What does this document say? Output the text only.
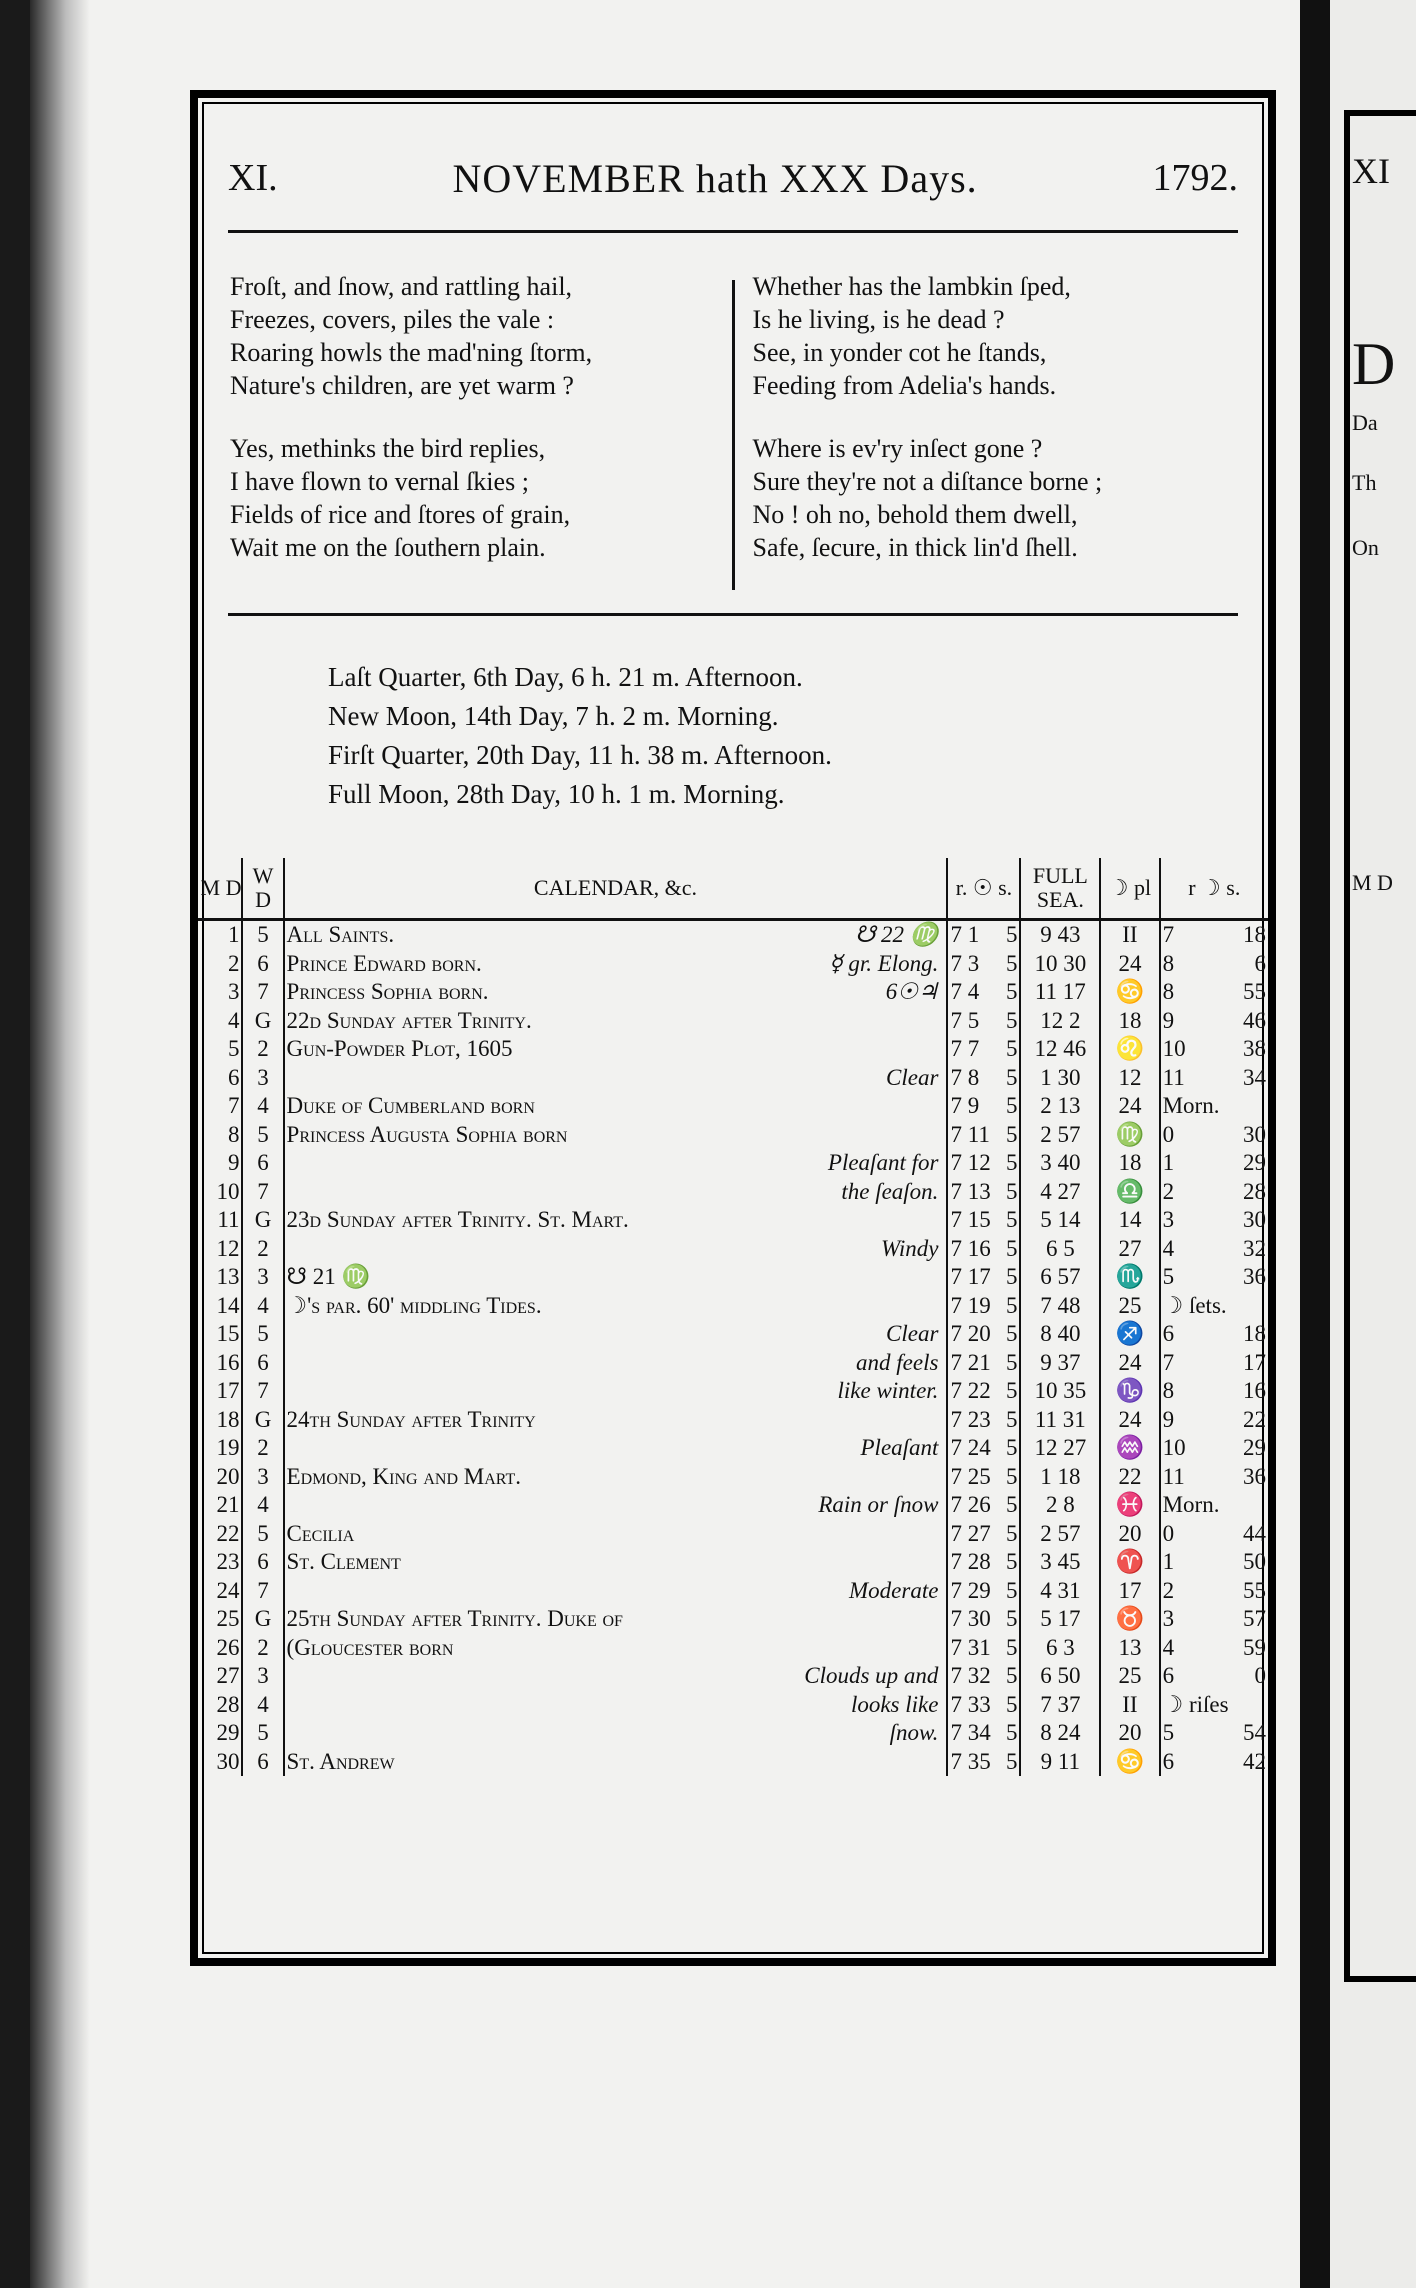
XI.	NOVEMBER hath XXX Days.	1792.
Froſt, and ſnow, and rattling hail,
Freezes, covers, piles the vale :
Roaring howls the mad'ning ſtorm,
Nature's children, are yet warm ?
Yes, methinks the bird replies,
I have flown to vernal ſkies ;
Fields of rice and ſtores of grain,
Wait me on the ſouthern plain.
Whether has the lambkin ſped,
Is he living, is he dead ?
See, in yonder cot he ſtands,
Feeding from Adelia's hands.
Where is ev'ry inſect gone ?
Sure they're not a diſtance borne ;
No ! oh no, behold them dwell,
Safe, ſecure, in thick lin'd ſhell.
Laſt Quarter, 6th Day, 6 h. 21 m. Afternoon.
New Moon, 14th Day, 7 h. 2 m. Morning.
Firſt Quarter, 20th Day, 11 h. 38 m. Afternoon.
Full Moon, 28th Day, 10 h. 1 m. Morning.
M D	W D	CALENDAR, &c.	r. ☉ s.	FULL SEA.	☽ pl	r ☽ s.
1	5	All Saints. ☋ 22 ♍	7 1 5	9 43	II	7 18

2	6	Prince Edward born. ☿ gr. Elong.	7 3 5	10 30	24	8 6

3	7	Princeſs Sophia born. 6☉♃	7 4 5	11 17	♋	8 55

4	G	22d Sunday after Trinity.	7 5 5	12 2	18	9 46

5	2	Gun-Powder Plot, 1605	7 7 5	12 46	♌	10 38

6	3	Clear	7 8 5	1 30	12	11 34

7	4	Duke of Cumberland born	7 9 5	2 13	24	Morn.

8	5	Princeſs Augusta Sophia born	7 11 5	2 57	♍	0 30

9	6	Pleaſant for	7 12 5	3 40	18	1 29

10	7	the ſeaſon.	7 13 5	4 27	♎	2 28

11	G	23d Sunday after Trinity. St. Mart.	7 15 5	5 14	14	3 30

12	2	Windy	7 16 5	6 5	27	4 32

13	3	☋ 21 ♍	7 17 5	6 57	♏	5 36

14	4	☽'s par. 60' middling Tides.	7 19 5	7 48	25	☽ ſets.

15	5	Clear	7 20 5	8 40	♐	6 18

16	6	and feels	7 21 5	9 37	24	7 17

17	7	like winter.	7 22 5	10 35	♑	8 16

18	G	24th Sunday after Trinity	7 23 5	11 31	24	9 22

19	2	Pleaſant	7 24 5	12 27	♒	10 29

20	3	Edmond, King and Mart.	7 25 5	1 18	22	11 36

21	4	Rain or ſnow	7 26 5	2 8	♓	Morn.

22	5	Cecilia	7 27 5	2 57	20	0 44

23	6	St. Clement	7 28 5	3 45	♈	1 50

24	7	Moderate	7 29 5	4 31	17	2 55

25	G	25th Sunday after Trinity. Duke of	7 30 5	5 17	♉	3 57

26	2	(Glouceſter born	7 31 5	6 3	13	4 59

27	3	Clouds up and	7 32 5	6 50	25	6 0

28	4	looks like	7 33 5	7 37	II	☽ riſes

29	5	ſnow.	7 34 5	8 24	20	5 54

30	6	St. Andrew	7 35 5	9 11	♋	6 42
XI
D
Da
Th
On
M D
